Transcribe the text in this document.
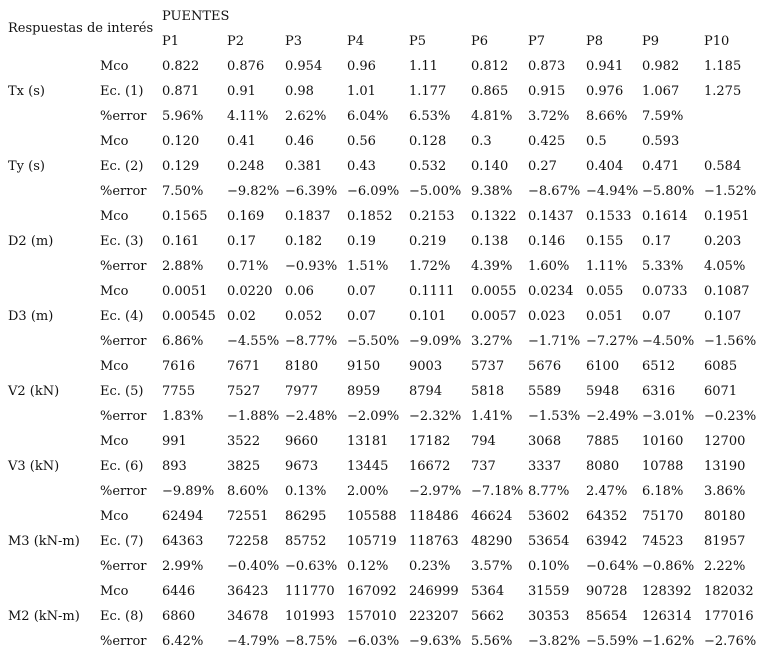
Respuestas de interés
PUENTES
P1	P2	P3	P4	P5	P6	P7	P8	P9	P10
Mco	0.822 0.876 0.954 0.96	1.11	0.812 0.873 0.941 0.982 1.185
Tx (s)	Ec. (1) 0.871 0.91 0.98	1.01	1.177 0.865 0.915 0.976 1.067 1.275
%error 5.96% 4.11% 2.62% 6.04% 6.53% 4.81% 3.72% 8.66% 7.59%
Mco	0.120 0.41 0.46	0.56	0.128 0.3	0.425 0.5	0.593
Ty (s)	Ec. (2) 0.129 0.248 0.381 0.43	0.532 0.140 0.27 0.404 0.471 0.584
%error 7.50% −9.82% −6.39% −6.09% −5.00% 9.38% −8.67% −4.94% −5.80% −1.52%
Mco	0.1565 0.169 0.1837 0.1852 0.2153 0.1322 0.1437 0.1533 0.1614 0.1951
D2 (m)	Ec. (3) 0.161 0.17 0.182 0.19	0.219 0.138 0.146 0.155 0.17	0.203
%error 2.88% 0.71% −0.93% 1.51% 1.72% 4.39% 1.60% 1.11% 5.33% 4.05%
Mco	0.0051 0.0220 0.06	0.07	0.1111 0.0055 0.0234 0.055 0.0733 0.1087
D3 (m)	Ec. (4) 0.00545 0.02 0.052 0.07	0.101 0.0057 0.023 0.051 0.07	0.107
%error 6.86% −4.55% −8.77% −5.50% −9.09% 3.27% −1.71% −7.27% −4.50% −1.56%
Mco	7616 7671 8180 9150 9003 5737 5676 6100 6512 6085
V2 (kN)	Ec. (5) 7755 7527 7977 8959 8794 5818 5589 5948 6316 6071
%error 1.83% −1.88% −2.48% −2.09% −2.32% 1.41% −1.53% −2.49% −3.01% −0.23%
Mco	991	3522 9660 13181 17182 794 3068 7885 10160 12700
V3 (kN)	Ec. (6) 893	3825 9673 13445 16672 737 3337 8080 10788 13190
%error −9.89% 8.60% 0.13% 2.00% −2.97% −7.18% 8.77% 2.47% 6.18% 3.86%
Mco	62494 72551 86295 105588 118486 46624 53602 64352 75170 80180
M3 (kN-m) Ec. (7) 64363 72258 85752 105719 118763 48290 53654 63942 74523 81957
%error 2.99% −0.40% −0.63% 0.12% 0.23% 3.57% 0.10% −0.64% −0.86% 2.22%
Mco	6446 36423 111770 167092 246999 5364 31559 90728 128392 182032
M2 (kN-m) Ec. (8) 6860 34678 101993 157010 223207 5662 30353 85654 126314 177016
%error 6.42% −4.79% −8.75% −6.03% −9.63% 5.56% −3.82% −5.59% −1.62% −2.76%
